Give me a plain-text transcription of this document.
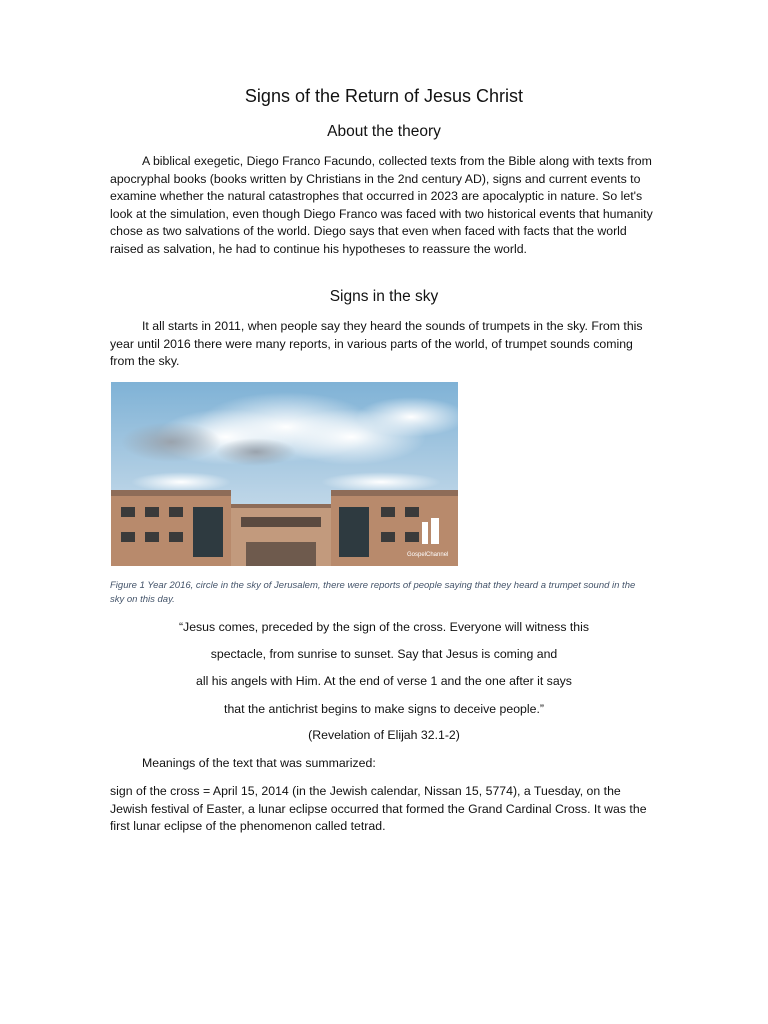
Signs of the Return of Jesus Christ
About the theory

A biblical exegetic, Diego Franco Facundo, collected texts from the Bible along with texts from apocryphal books (books written by Christians in the 2nd century AD), signs and current events to examine whether the natural catastrophes that occurred in 2023 are apocalyptic in nature. So let's look at the simulation, even though Diego Franco was faced with two historical events that humanity chose as two salvations of the world. Diego says that even when faced with facts that the world raised as salvation, he had to continue his hypotheses to reassure the world.

Signs in the sky

It all starts in 2011, when people say they heard the sounds of trumpets in the sky. From this year until 2016 there were many reports, in various parts of the world, of trumpet sounds coming from the sky.

GospelChannel
Figure 1 Year 2016, circle in the sky of Jerusalem, there were reports of people saying that they heard a trumpet sound in the sky on this day.
“Jesus comes, preceded by the sign of the cross. Everyone will witness this
spectacle, from sunrise to sunset. Say that Jesus is coming and
all his angels with Him. At the end of verse 1 and the one after it says
that the antichrist begins to make signs to deceive people.”
(Revelation of Elijah 32.1-2)
Meanings of the text that was summarized:

sign of the cross = April 15, 2014 (in the Jewish calendar, Nissan 15, 5774), a Tuesday, on the Jewish festival of Easter, a lunar eclipse occurred that formed the Grand Cardinal Cross. It was the first lunar eclipse of the phenomenon called tetrad.
